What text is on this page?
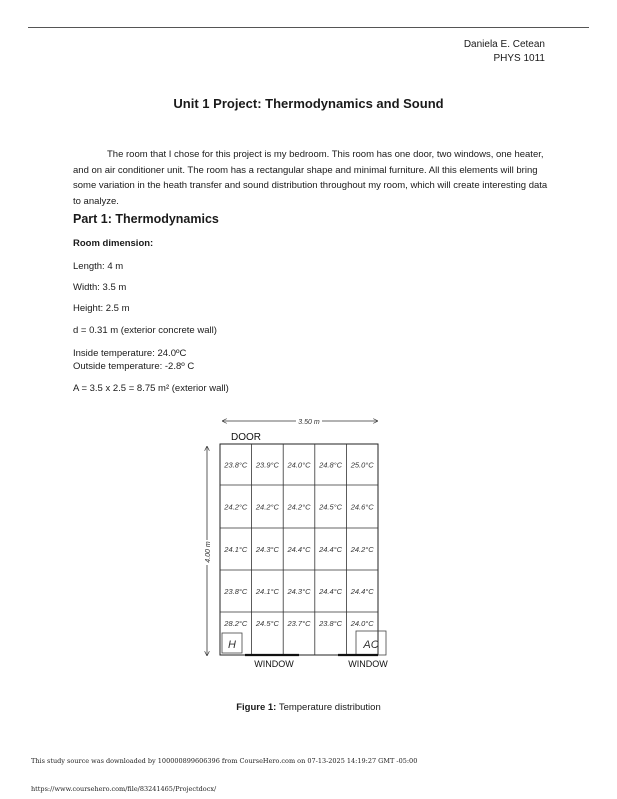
Daniela E. Cetean
PHYS 1011
Unit 1 Project: Thermodynamics and Sound
The room that I chose for this project is my bedroom. This room has one door, two windows, one heater, and on air conditioner unit. The room has a rectangular shape and minimal furniture. All this elements will bring some variation in the heath transfer and sound distribution throughout my room, which will create interesting data to analyze.
Part 1: Thermodynamics
Room dimension:
Length: 4 m
Width: 3.5 m
Height: 2.5 m
d = 0.31 m (exterior concrete wall)
Inside temperature: 24.0ºC
Outside temperature: -2.8º C
A = 3.5 x 2.5 = 8.75 m² (exterior wall)
3.50 m
4.00 m
DOOR
23.8°C 23.9°C 24.0°C 24.8°C 25.0°C
24.2°C 24.2°C 24.2°C 24.5°C 24.6°C
24.1°C 24.3°C 24.4°C 24.4°C 24.2°C
23.8°C 24.1°C 24.3°C 24.4°C 24.4°C
28.2°C 24.5°C 23.7°C 23.8°C 24.0°C
H	AC
WINDOW	WINDOW
Figure 1: Temperature distribution
This study source was downloaded by 100000899606396 from CourseHero.com on 07-13-2025 14:19:27 GMT -05:00
https://www.coursehero.com/file/83241465/Projectdocx/
